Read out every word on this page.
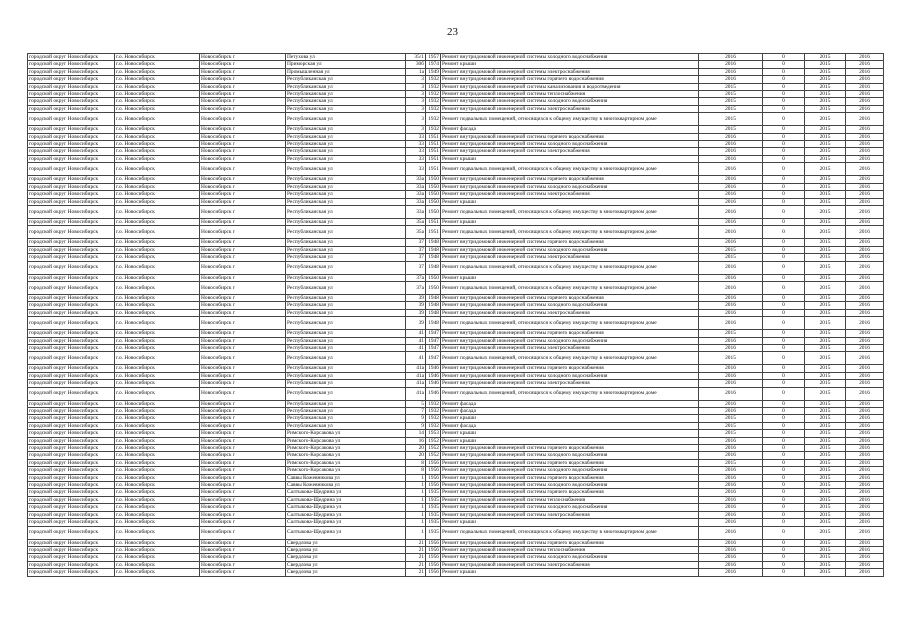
23
городской округ Новосибирск	г.о. Новосибирск	Новосибирск г	Петухова ул	35/1	1957	Ремонт внутридомовой инженерной системы холодного водоснабжения	2016	0	2015	2016
городской округ Новосибирск	г.о. Новосибирск	Новосибирск г	Приморская ул	30б	1974	Ремонт крыши	2016	0	2015	2016
городской округ Новосибирск	г.о. Новосибирск	Новосибирск г	Промышленная ул	1а	1949	Ремонт внутридомовой инженерной системы электроснабжения	2016	0	2015	2016
городской округ Новосибирск	г.о. Новосибирск	Новосибирск г	Республиканская ул	3	1932	Ремонт внутридомовой инженерной системы горячего водоснабжения	2016	0	2015	2016
городской округ Новосибирск	г.о. Новосибирск	Новосибирск г	Республиканская ул	3	1932	Ремонт внутридомовой инженерной системы канализования и водоотведения	2015	0	2015	2016
городской округ Новосибирск	г.о. Новосибирск	Новосибирск г	Республиканская ул	3	1932	Ремонт внутридомовой инженерной системы теплоснабжения	2015	0	2015	2016
городской округ Новосибирск	г.о. Новосибирск	Новосибирск г	Республиканская ул	3	1932	Ремонт внутридомовой инженерной системы холодного водоснабжения	2015	0	2015	2016
городской округ Новосибирск	г.о. Новосибирск	Новосибирск г	Республиканская ул	3	1932	Ремонт внутридомовой инженерной системы электроснабжения	2015	0	2015	2016
городской округ Новосибирск	г.о. Новосибирск	Новосибирск г	Республиканская ул	3	1932	Ремонт подвальных помещений, относящихся к общему имуществу в многоквартирном доме	2015	0	2015	2016
городской округ Новосибирск	г.о. Новосибирск	Новосибирск г	Республиканская ул	3	1932	Ремонт фасада	2015	0	2015	2016
городской округ Новосибирск	г.о. Новосибирск	Новосибирск г	Республиканская ул	33	1951	Ремонт внутридомовой инженерной системы горячего водоснабжения	2016	0	2015	2016
городской округ Новосибирск	г.о. Новосибирск	Новосибирск г	Республиканская ул	33	1951	Ремонт внутридомовой инженерной системы холодного водоснабжения	2016	0	2015	2016
городской округ Новосибирск	г.о. Новосибирск	Новосибирск г	Республиканская ул	33	1951	Ремонт внутридомовой инженерной системы электроснабжения	2016	0	2015	2016
городской округ Новосибирск	г.о. Новосибирск	Новосибирск г	Республиканская ул	33	1951	Ремонт крыши	2016	0	2015	2016
городской округ Новосибирск	г.о. Новосибирск	Новосибирск г	Республиканская ул	33	1951	Ремонт подвальных помещений, относящихся к общему имуществу в многоквартирном доме	2016	0	2015	2016
городской округ Новосибирск	г.о. Новосибирск	Новосибирск г	Республиканская ул	33а	1950	Ремонт внутридомовой инженерной системы горячего водоснабжения	2016	0	2015	2016
городской округ Новосибирск	г.о. Новосибирск	Новосибирск г	Республиканская ул	33а	1950	Ремонт внутридомовой инженерной системы холодного водоснабжения	2016	0	2015	2016
городской округ Новосибирск	г.о. Новосибирск	Новосибирск г	Республиканская ул	33а	1950	Ремонт внутридомовой инженерной системы электроснабжения	2016	0	2015	2016
городской округ Новосибирск	г.о. Новосибирск	Новосибирск г	Республиканская ул	33а	1950	Ремонт крыши	2016	0	2015	2016
городской округ Новосибирск	г.о. Новосибирск	Новосибирск г	Республиканская ул	33а	1950	Ремонт подвальных помещений, относящихся к общему имуществу в многоквартирном доме	2016	0	2015	2016
городской округ Новосибирск	г.о. Новосибирск	Новосибирск г	Республиканская ул	35а	1951	Ремонт крыши	2016	0	2015	2016
городской округ Новосибирск	г.о. Новосибирск	Новосибирск г	Республиканская ул	35а	1951	Ремонт подвальных помещений, относящихся к общему имуществу в многоквартирном доме	2016	0	2015	2016
городской округ Новосибирск	г.о. Новосибирск	Новосибирск г	Республиканская ул	37	1948	Ремонт внутридомовой инженерной системы горячего водоснабжения	2016	0	2015	2016
городской округ Новосибирск	г.о. Новосибирск	Новосибирск г	Республиканская ул	37	1948	Ремонт внутридомовой инженерной системы холодного водоснабжения	2015	0	2015	2016
городской округ Новосибирск	г.о. Новосибирск	Новосибирск г	Республиканская ул	37	1948	Ремонт внутридомовой инженерной системы электроснабжения	2015	0	2015	2016
городской округ Новосибирск	г.о. Новосибирск	Новосибирск г	Республиканская ул	37	1948	Ремонт подвальных помещений, относящихся к общему имуществу в многоквартирном доме	2016	0	2015	2016
городской округ Новосибирск	г.о. Новосибирск	Новосибирск г	Республиканская ул	37а	1950	Ремонт крыши	2016	0	2015	2016
городской округ Новосибирск	г.о. Новосибирск	Новосибирск г	Республиканская ул	37а	1950	Ремонт подвальных помещений, относящихся к общему имуществу в многоквартирном доме	2016	0	2015	2016
городской округ Новосибирск	г.о. Новосибирск	Новосибирск г	Республиканская ул	39	1948	Ремонт внутридомовой инженерной системы горячего водоснабжения	2016	0	2015	2016
городской округ Новосибирск	г.о. Новосибирск	Новосибирск г	Республиканская ул	39	1948	Ремонт внутридомовой инженерной системы холодного водоснабжения	2016	0	2015	2016
городской округ Новосибирск	г.о. Новосибирск	Новосибирск г	Республиканская ул	39	1948	Ремонт внутридомовой инженерной системы электроснабжения	2016	0	2015	2016
городской округ Новосибирск	г.о. Новосибирск	Новосибирск г	Республиканская ул	39	1948	Ремонт подвальных помещений, относящихся к общему имуществу в многоквартирном доме	2016	0	2015	2016
городской округ Новосибирск	г.о. Новосибирск	Новосибирск г	Республиканская ул	41	1947	Ремонт внутридомовой инженерной системы горячего водоснабжения	2015	0	2015	2016
городской округ Новосибирск	г.о. Новосибирск	Новосибирск г	Республиканская ул	41	1947	Ремонт внутридомовой инженерной системы холодного водоснабжения	2016	0	2015	2016
городской округ Новосибирск	г.о. Новосибирск	Новосибирск г	Республиканская ул	41	1947	Ремонт внутридомовой инженерной системы электроснабжения	2016	0	2015	2016
городской округ Новосибирск	г.о. Новосибирск	Новосибирск г	Республиканская ул	41	1947	Ремонт подвальных помещений, относящихся к общему имуществу в многоквартирном доме	2015	0	2015	2016
городской округ Новосибирск	г.о. Новосибирск	Новосибирск г	Республиканская ул	41а	1946	Ремонт внутридомовой инженерной системы горячего водоснабжения	2016	0	2015	2016
городской округ Новосибирск	г.о. Новосибирск	Новосибирск г	Республиканская ул	41а	1946	Ремонт внутридомовой инженерной системы холодного водоснабжения	2016	0	2015	2016
городской округ Новосибирск	г.о. Новосибирск	Новосибирск г	Республиканская ул	41а	1946	Ремонт внутридомовой инженерной системы электроснабжения	2016	0	2015	2016
городской округ Новосибирск	г.о. Новосибирск	Новосибирск г	Республиканская ул	41а	1946	Ремонт подвальных помещений, относящихся к общему имуществу в многоквартирном доме	2016	0	2015	2016
городской округ Новосибирск	г.о. Новосибирск	Новосибирск г	Республиканская ул	5	1932	Ремонт фасада	2016	0	2015	2016
городской округ Новосибирск	г.о. Новосибирск	Новосибирск г	Республиканская ул	7	1932	Ремонт фасада	2016	0	2015	2016
городской округ Новосибирск	г.о. Новосибирск	Новосибирск г	Республиканская ул	9	1932	Ремонт крыши	2015	0	2015	2016
городской округ Новосибирск	г.о. Новосибирск	Новосибирск г	Республиканская ул	9	1932	Ремонт фасада	2015	0	2015	2016
городской округ Новосибирск	г.о. Новосибирск	Новосибирск г	Римского-Корсакова ул	14	1953	Ремонт крыши	2015	0	2015	2016
городской округ Новосибирск	г.о. Новосибирск	Новосибирск г	Римского-Корсакова ул	16	1952	Ремонт крыши	2016	0	2015	2016
городской округ Новосибирск	г.о. Новосибирск	Новосибирск г	Римского-Корсакова ул	20	1952	Ремонт внутридомовой инженерной системы горячего водоснабжения	2016	0	2015	2016
городской округ Новосибирск	г.о. Новосибирск	Новосибирск г	Римского-Корсакова ул	20	1952	Ремонт внутридомовой инженерной системы холодного водоснабжения	2016	0	2015	2016
городской округ Новосибирск	г.о. Новосибирск	Новосибирск г	Римского-Корсакова ул	8	1956	Ремонт внутридомовой инженерной системы горячего водоснабжения	2015	0	2015	2016
городской округ Новосибирск	г.о. Новосибирск	Новосибирск г	Римского-Корсакова ул	8	1956	Ремонт внутридомовой инженерной системы холодного водоснабжения	2016	0	2015	2016
городской округ Новосибирск	г.о. Новосибирск	Новосибирск г	Саввы Кожевникова ул	1	1956	Ремонт внутридомовой инженерной системы горячего водоснабжения	2016	0	2015	2016
городской округ Новосибирск	г.о. Новосибирск	Новосибирск г	Саввы Кожевникова ул	1	1956	Ремонт внутридомовой инженерной системы холодного водоснабжения	2016	0	2015	2016
городской округ Новосибирск	г.о. Новосибирск	Новосибирск г	Салтыкова-Щедрина ул	1	1935	Ремонт внутридомовой инженерной системы горячего водоснабжения	2016	0	2015	2016
городской округ Новосибирск	г.о. Новосибирск	Новосибирск г	Салтыкова-Щедрина ул	1	1935	Ремонт внутридомовой инженерной системы теплоснабжения	2016	0	2015	2016
городской округ Новосибирск	г.о. Новосибирск	Новосибирск г	Салтыкова-Щедрина ул	1	1935	Ремонт внутридомовой инженерной системы холодного водоснабжения	2016	0	2015	2016
городской округ Новосибирск	г.о. Новосибирск	Новосибирск г	Салтыкова-Щедрина ул	1	1935	Ремонт внутридомовой инженерной системы электроснабжения	2016	0	2015	2016
городской округ Новосибирск	г.о. Новосибирск	Новосибирск г	Салтыкова-Щедрина ул	1	1935	Ремонт крыши	2016	0	2015	2016
городской округ Новосибирск	г.о. Новосибирск	Новосибирск г	Салтыкова-Щедрина ул	1	1935	Ремонт подвальных помещений, относящихся к общему имуществу в многоквартирном доме	2016	0	2015	2016
городской округ Новосибирск	г.о. Новосибирск	Новосибирск г	Свердлова ул	21	1956	Ремонт внутридомовой инженерной системы горячего водоснабжения	2016	0	2015	2016
городской округ Новосибирск	г.о. Новосибирск	Новосибирск г	Свердлова ул	21	1956	Ремонт внутридомовой инженерной системы теплоснабжения	2016	0	2015	2016
городской округ Новосибирск	г.о. Новосибирск	Новосибирск г	Свердлова ул	21	1956	Ремонт внутридомовой инженерной системы холодного водоснабжения	2016	0	2015	2016
городской округ Новосибирск	г.о. Новосибирск	Новосибирск г	Свердлова ул	21	1956	Ремонт внутридомовой инженерной системы электроснабжения	2016	0	2015	2016
городской округ Новосибирск	г.о. Новосибирск	Новосибирск г	Свердлова ул	21	1956	Ремонт крыши	2016	0	2015	2016
